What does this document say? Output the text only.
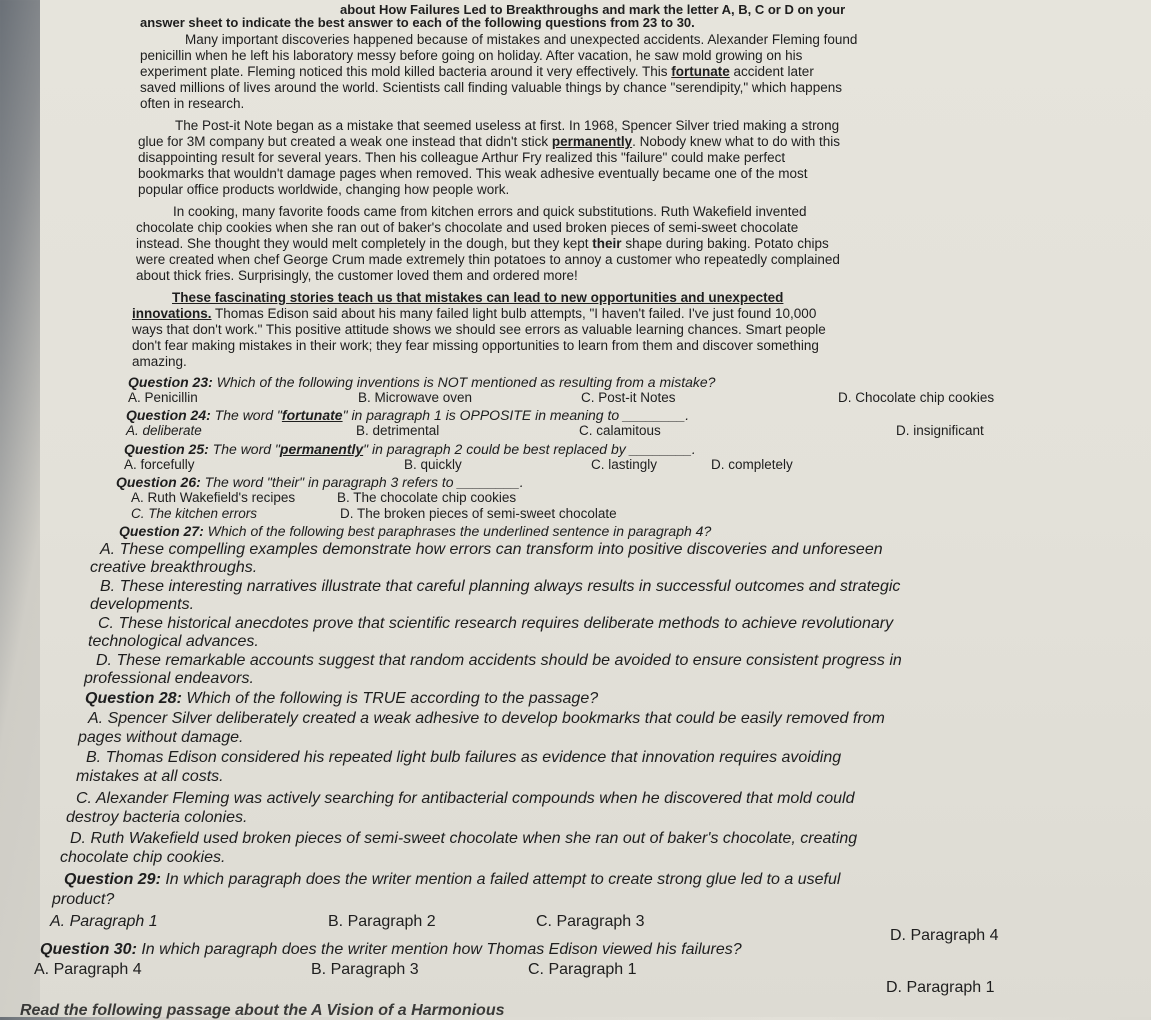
about How Failures Led to Breakthroughs and mark the letter A, B, C or D on your
answer sheet to indicate the best answer to each of the following questions from 23 to 30.
Many important discoveries happened because of mistakes and unexpected accidents. Alexander Fleming found
penicillin when he left his laboratory messy before going on holiday. After vacation, he saw mold growing on his
experiment plate. Fleming noticed this mold killed bacteria around it very effectively. This fortunate accident later
saved millions of lives around the world. Scientists call finding valuable things by chance "serendipity," which happens
often in research.
The Post-it Note began as a mistake that seemed useless at first. In 1968, Spencer Silver tried making a strong
glue for 3M company but created a weak one instead that didn't stick permanently. Nobody knew what to do with this
disappointing result for several years. Then his colleague Arthur Fry realized this "failure" could make perfect
bookmarks that wouldn't damage pages when removed. This weak adhesive eventually became one of the most
popular office products worldwide, changing how people work.
In cooking, many favorite foods came from kitchen errors and quick substitutions. Ruth Wakefield invented
chocolate chip cookies when she ran out of baker's chocolate and used broken pieces of semi-sweet chocolate
instead. She thought they would melt completely in the dough, but they kept their shape during baking. Potato chips
were created when chef George Crum made extremely thin potatoes to annoy a customer who repeatedly complained
about thick fries. Surprisingly, the customer loved them and ordered more!
These fascinating stories teach us that mistakes can lead to new opportunities and unexpected
innovations. Thomas Edison said about his many failed light bulb attempts, "I haven't failed. I've just found 10,000
ways that don't work." This positive attitude shows we should see errors as valuable learning chances. Smart people
don't fear making mistakes in their work; they fear missing opportunities to learn from them and discover something
amazing.
Question 23: Which of the following inventions is NOT mentioned as resulting from a mistake?
A. Penicillin	B. Microwave oven	C. Post-it Notes	D. Chocolate chip cookies
Question 24: The word "fortunate" in paragraph 1 is OPPOSITE in meaning to ________.
A. deliberate	B. detrimental	C. calamitous	D. insignificant
Question 25: The word "permanently" in paragraph 2 could be best replaced by ________.
A. forcefully	B. quickly	C. lastingly	D. completely
Question 26: The word "their" in paragraph 3 refers to ________.
A. Ruth Wakefield's recipes	B. The chocolate chip cookies
C. The kitchen errors	D. The broken pieces of semi-sweet chocolate
Question 27: Which of the following best paraphrases the underlined sentence in paragraph 4?
A. These compelling examples demonstrate how errors can transform into positive discoveries and unforeseen
creative breakthroughs.
B. These interesting narratives illustrate that careful planning always results in successful outcomes and strategic
developments.
C. These historical anecdotes prove that scientific research requires deliberate methods to achieve revolutionary
technological advances.
D. These remarkable accounts suggest that random accidents should be avoided to ensure consistent progress in
professional endeavors.
Question 28: Which of the following is TRUE according to the passage?
A. Spencer Silver deliberately created a weak adhesive to develop bookmarks that could be easily removed from
pages without damage.
B. Thomas Edison considered his repeated light bulb failures as evidence that innovation requires avoiding
mistakes at all costs.
C. Alexander Fleming was actively searching for antibacterial compounds when he discovered that mold could
destroy bacteria colonies.
D. Ruth Wakefield used broken pieces of semi-sweet chocolate when she ran out of baker's chocolate, creating
chocolate chip cookies.
Question 29: In which paragraph does the writer mention a failed attempt to create strong glue led to a useful
product?
A. Paragraph 1	B. Paragraph 2	C. Paragraph 3
D. Paragraph 4
Question 30: In which paragraph does the writer mention how Thomas Edison viewed his failures?
A. Paragraph 4	B. Paragraph 3	C. Paragraph 1
D. Paragraph 1
Read the following passage about the A Vision of a Harmonious
